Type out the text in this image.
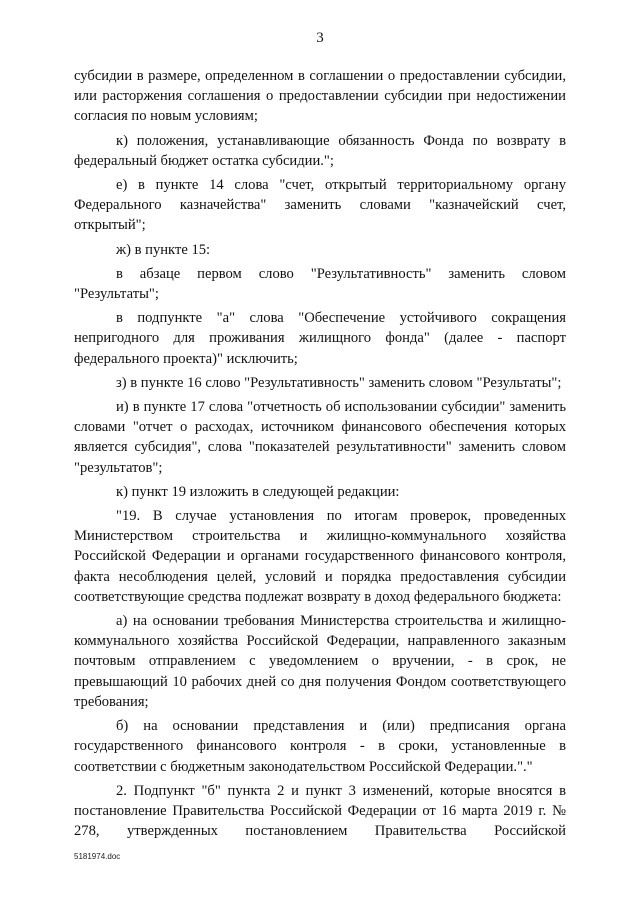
3

субсидии в размере, определенном в соглашении о предоставлении субсидии, или расторжения соглашения о предоставлении субсидии при недостижении согласия по новым условиям;

к) положения, устанавливающие обязанность Фонда по возврату в федеральный бюджет остатка субсидии.";

е) в пункте 14 слова "счет, открытый территориальному органу Федерального казначейства" заменить словами "казначейский счет, открытый";

ж) в пункте 15:

в абзаце первом слово "Результативность" заменить словом "Результаты";

в подпункте "а" слова "Обеспечение устойчивого сокращения непригодного для проживания жилищного фонда" (далее - паспорт федерального проекта)" исключить;

з) в пункте 16 слово "Результативность" заменить словом "Результаты";

и) в пункте 17 слова "отчетность об использовании субсидии" заменить словами "отчет о расходах, источником финансового обеспечения которых является субсидия", слова "показателей результативности" заменить словом "результатов";

к) пункт 19 изложить в следующей редакции:

"19. В случае установления по итогам проверок, проведенных Министерством строительства и жилищно-коммунального хозяйства Российской Федерации и органами государственного финансового контроля, факта несоблюдения целей, условий и порядка предоставления субсидии соответствующие средства подлежат возврату в доход федерального бюджета:

а) на основании требования Министерства строительства и жилищно-коммунального хозяйства Российской Федерации, направленного заказным почтовым отправлением с уведомлением о вручении, - в срок, не превышающий 10 рабочих дней со дня получения Фондом соответствующего требования;

б) на основании представления и (или) предписания органа государственного финансового контроля - в сроки, установленные в соответствии с бюджетным законодательством Российской Федерации."."

2. Подпункт "б" пункта 2 и пункт 3 изменений, которые вносятся в постановление Правительства Российской Федерации от 16 марта 2019 г. № 278, утвержденных постановлением Правительства Российской

5181974.doc
